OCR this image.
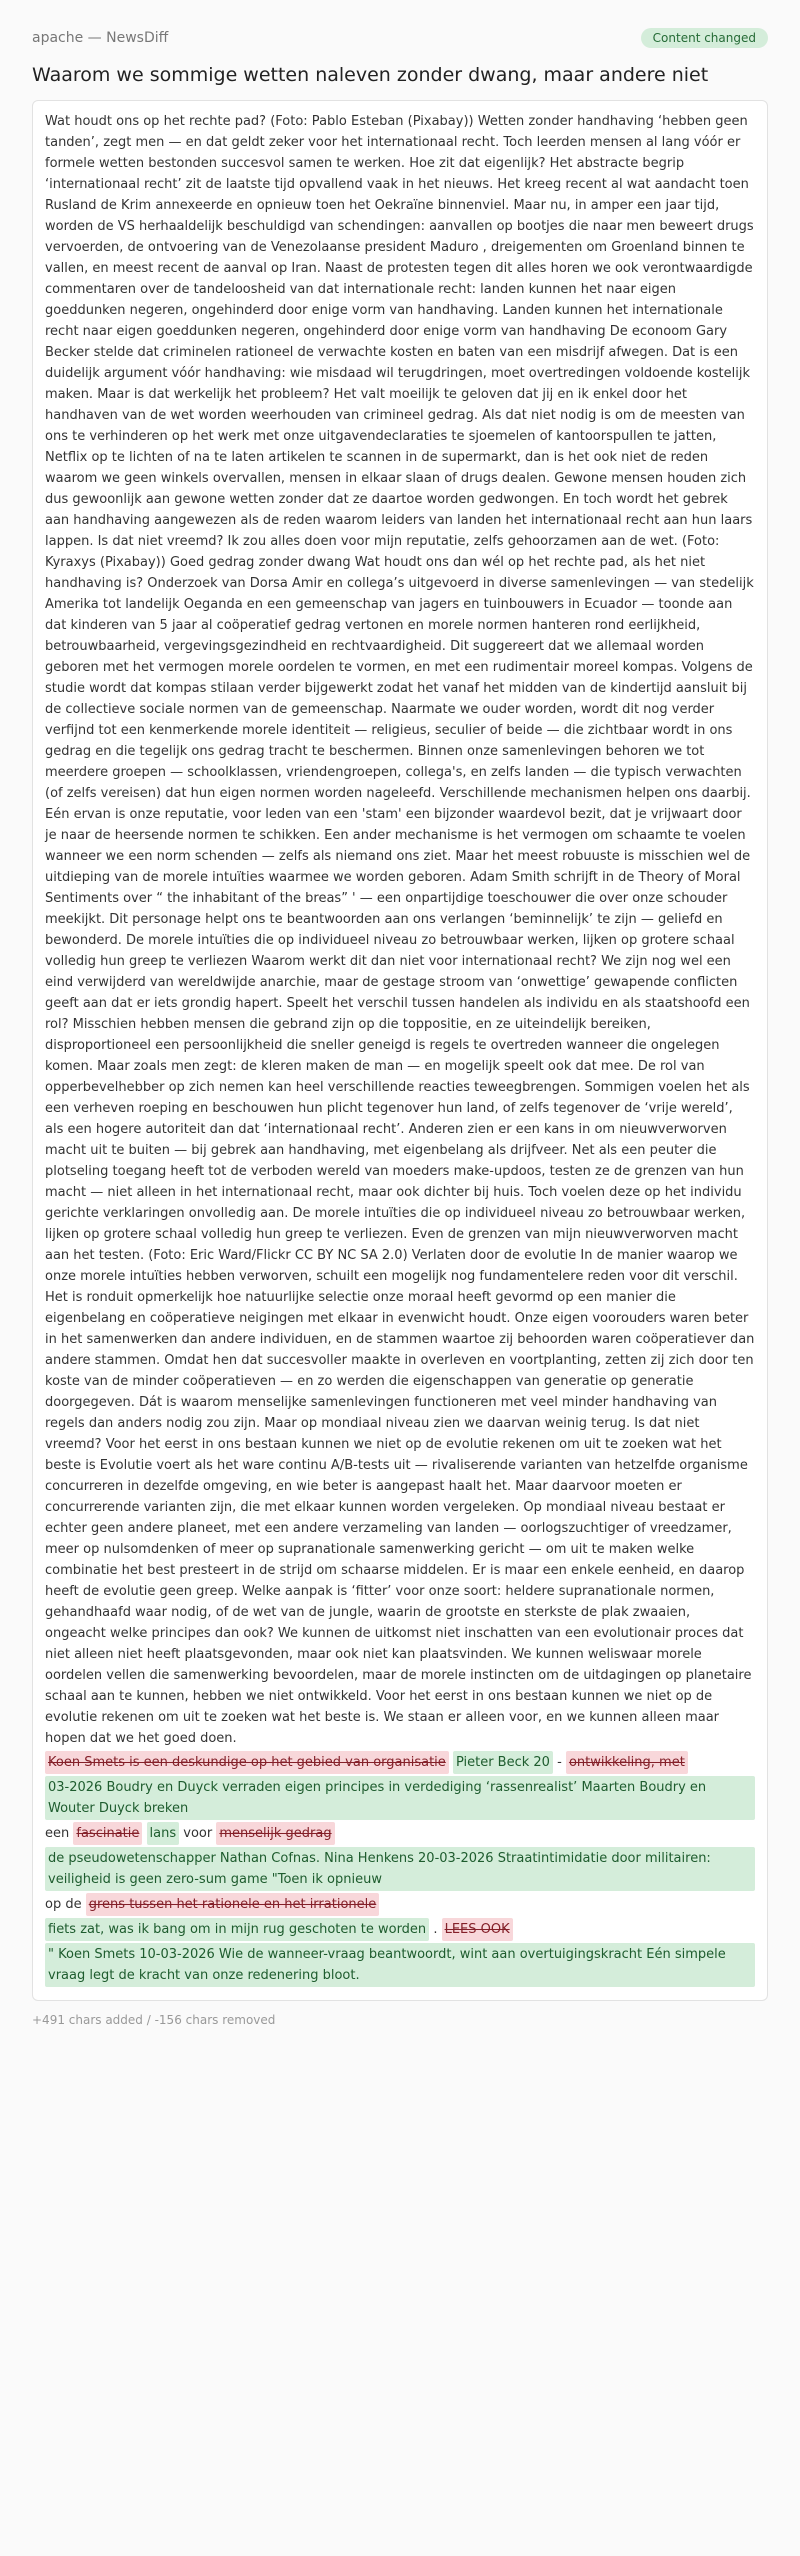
apache — NewsDiff	Content changed
Waarom we sommige wetten naleven zonder dwang, maar andere niet

Wat houdt ons op het rechte pad? (Foto: Pablo Esteban (Pixabay)) Wetten zonder handhaving ‘hebben geen tanden’, zegt men — en dat geldt zeker voor het internationaal recht. Toch leerden mensen al lang vóór er formele wetten bestonden succesvol samen te werken. Hoe zit dat eigenlijk? Het abstracte begrip ‘internationaal recht’ zit de laatste tijd opvallend vaak in het nieuws. Het kreeg recent al wat aandacht toen Rusland de Krim annexeerde en opnieuw toen het Oekraïne binnenviel. Maar nu, in amper een jaar tijd, worden de VS herhaaldelijk beschuldigd van schendingen: aanvallen op bootjes die naar men beweert drugs vervoerden, de ontvoering van de Venezolaanse president Maduro , dreigementen om Groenland binnen te vallen, en meest recent de aanval op Iran. Naast de protesten tegen dit alles horen we ook verontwaardigde commentaren over de tandeloosheid van dat internationale recht: landen kunnen het naar eigen goeddunken negeren, ongehinderd door enige vorm van handhaving. Landen kunnen het internationale recht naar eigen goeddunken negeren, ongehinderd door enige vorm van handhaving De econoom Gary Becker stelde dat criminelen rationeel de verwachte kosten en baten van een misdrijf afwegen. Dat is een duidelijk argument vóór handhaving: wie misdaad wil terugdringen, moet overtredingen voldoende kostelijk maken. Maar is dat werkelijk het probleem? Het valt moeilijk te geloven dat jij en ik enkel door het handhaven van de wet worden weerhouden van crimineel gedrag. Als dat niet nodig is om de meesten van ons te verhinderen op het werk met onze uitgavendeclaraties te sjoemelen of kantoorspullen te jatten, Netflix op te lichten of na te laten artikelen te scannen in de supermarkt, dan is het ook niet de reden waarom we geen winkels overvallen, mensen in elkaar slaan of drugs dealen. Gewone mensen houden zich dus gewoonlijk aan gewone wetten zonder dat ze daartoe worden gedwongen. En toch wordt het gebrek aan handhaving aangewezen als de reden waarom leiders van landen het internationaal recht aan hun laars lappen. Is dat niet vreemd? Ik zou alles doen voor mijn reputatie, zelfs gehoorzamen aan de wet. (Foto: Kyraxys (Pixabay)) Goed gedrag zonder dwang Wat houdt ons dan wél op het rechte pad, als het niet handhaving is? Onderzoek van Dorsa Amir en collega’s uitgevoerd in diverse samenlevingen — van stedelijk Amerika tot landelijk Oeganda en een gemeenschap van jagers en tuinbouwers in Ecuador — toonde aan dat kinderen van 5 jaar al coöperatief gedrag vertonen en morele normen hanteren rond eerlijkheid, betrouwbaarheid, vergevingsgezindheid en rechtvaardigheid. Dit suggereert dat we allemaal worden geboren met het vermogen morele oordelen te vormen, en met een rudimentair moreel kompas. Volgens de studie wordt dat kompas stilaan verder bijgewerkt zodat het vanaf het midden van de kindertijd aansluit bij de collectieve sociale normen van de gemeenschap. Naarmate we ouder worden, wordt dit nog verder verfijnd tot een kenmerkende morele identiteit — religieus, seculier of beide — die zichtbaar wordt in ons gedrag en die tegelijk ons gedrag tracht te beschermen. Binnen onze samenlevingen behoren we tot meerdere groepen — schoolklassen, vriendengroepen, collega's, en zelfs landen — die typisch verwachten (of zelfs vereisen) dat hun eigen normen worden nageleefd. Verschillende mechanismen helpen ons daarbij. Eén ervan is onze reputatie, voor leden van een 'stam' een bijzonder waardevol bezit, dat je vrijwaart door je naar de heersende normen te schikken. Een ander mechanisme is het vermogen om schaamte te voelen wanneer we een norm schenden — zelfs als niemand ons ziet. Maar het meest robuuste is misschien wel de uitdieping van de morele intuïties waarmee we worden geboren. Adam Smith schrijft in de Theory of Moral Sentiments over “ the inhabitant of the breas” ' — een onpartijdige toeschouwer die over onze schouder meekijkt. Dit personage helpt ons te beantwoorden aan ons verlangen ‘beminnelijk’ te zijn — geliefd en bewonderd. De morele intuïties die op individueel niveau zo betrouwbaar werken, lijken op grotere schaal volledig hun greep te verliezen Waarom werkt dit dan niet voor internationaal recht? We zijn nog wel een eind verwijderd van wereldwijde anarchie, maar de gestage stroom van ‘onwettige’ gewapende conflicten geeft aan dat er iets grondig hapert. Speelt het verschil tussen handelen als individu en als staatshoofd een rol? Misschien hebben mensen die gebrand zijn op die toppositie, en ze uiteindelijk bereiken, disproportioneel een persoonlijkheid die sneller geneigd is regels te overtreden wanneer die ongelegen komen. Maar zoals men zegt: de kleren maken de man — en mogelijk speelt ook dat mee. De rol van opperbevelhebber op zich nemen kan heel verschillende reacties teweegbrengen. Sommigen voelen het als een verheven roeping en beschouwen hun plicht tegenover hun land, of zelfs tegenover de ‘vrije wereld’, als een hogere autoriteit dan dat ‘internationaal recht’. Anderen zien er een kans in om nieuwverworven macht uit te buiten — bij gebrek aan handhaving, met eigenbelang als drijfveer. Net als een peuter die plotseling toegang heeft tot de verboden wereld van moeders make-updoos, testen ze de grenzen van hun macht — niet alleen in het internationaal recht, maar ook dichter bij huis. Toch voelen deze op het individu gerichte verklaringen onvolledig aan. De morele intuïties die op individueel niveau zo betrouwbaar werken, lijken op grotere schaal volledig hun greep te verliezen. Even de grenzen van mijn nieuwverworven macht aan het testen. (Foto: Eric Ward/Flickr CC BY NC SA 2.0) Verlaten door de evolutie In de manier waarop we onze morele intuïties hebben verworven, schuilt een mogelijk nog fundamentelere reden voor dit verschil. Het is ronduit opmerkelijk hoe natuurlijke selectie onze moraal heeft gevormd op een manier die eigenbelang en coöperatieve neigingen met elkaar in evenwicht houdt. Onze eigen voorouders waren beter in het samenwerken dan andere individuen, en de stammen waartoe zij behoorden waren coöperatiever dan andere stammen. Omdat hen dat succesvoller maakte in overleven en voortplanting, zetten zij zich door ten koste van de minder coöperatieven — en zo werden die eigenschappen van generatie op generatie doorgegeven. Dát is waarom menselijke samenlevingen functioneren met veel minder handhaving van regels dan anders nodig zou zijn. Maar op mondiaal niveau zien we daarvan weinig terug. Is dat niet vreemd? Voor het eerst in ons bestaan kunnen we niet op de evolutie rekenen om uit te zoeken wat het beste is Evolutie voert als het ware continu A/B-tests uit — rivaliserende varianten van hetzelfde organisme concurreren in dezelfde omgeving, en wie beter is aangepast haalt het. Maar daarvoor moeten er concurrerende varianten zijn, die met elkaar kunnen worden vergeleken. Op mondiaal niveau bestaat er echter geen andere planeet, met een andere verzameling van landen — oorlogszuchtiger of vreedzamer, meer op nulsomdenken of meer op supranationale samenwerking gericht — om uit te maken welke combinatie het best presteert in de strijd om schaarse middelen. Er is maar een enkele eenheid, en daarop heeft de evolutie geen greep. Welke aanpak is ‘fitter’ voor onze soort: heldere supranationale normen, gehandhaafd waar nodig, of de wet van de jungle, waarin de grootste en sterkste de plak zwaaien, ongeacht welke principes dan ook? We kunnen de uitkomst niet inschatten van een evolutionair proces dat niet alleen niet heeft plaatsgevonden, maar ook niet kan plaatsvinden. We kunnen weliswaar morele oordelen vellen die samenwerking bevoordelen, maar de morele instincten om de uitdagingen op planetaire schaal aan te kunnen, hebben we niet ontwikkeld. Voor het eerst in ons bestaan kunnen we niet op de evolutie rekenen om uit te zoeken wat het beste is. We staan er alleen voor, en we kunnen alleen maar hopen dat we het goed doen.

Koen Smets is een deskundige op het gebied van organisatie Pieter Beck 20 - ontwikkeling, met
03-2026 Boudry en Duyck verraden eigen principes in verdediging ‘rassenrealist’ Maarten Boudry en Wouter Duyck breken
een fascinatie lans voor menselijk gedrag
de pseudowetenschapper Nathan Cofnas. Nina Henkens 20-03-2026 Straatintimidatie door militairen: veiligheid is geen zero-sum game "Toen ik opnieuw
op de grens tussen het rationele en het irrationele fiets zat, was ik bang om in mijn rug geschoten te worden . LEES OOK
" Koen Smets 10-03-2026 Wie de wanneer-vraag beantwoordt, wint aan overtuigingskracht Eén simpele vraag legt de kracht van onze redenering bloot.
+491 chars added / -156 chars removed
